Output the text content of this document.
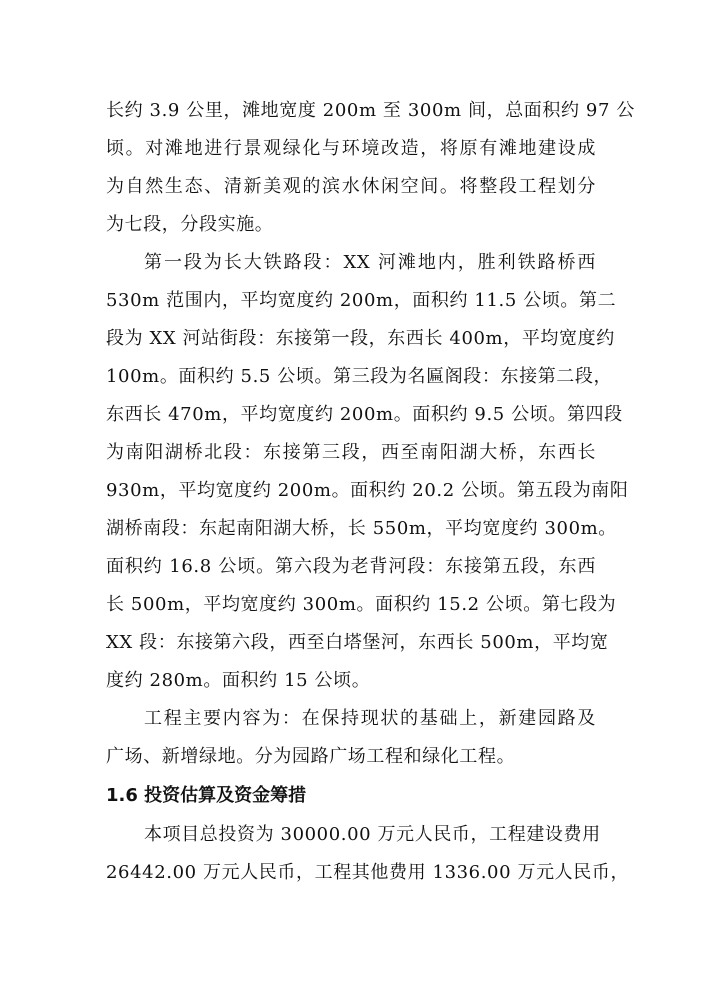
长约 3.9 公里，滩地宽度 200m 至 300m 间，总面积约 97 公
顷。对滩地进行景观绿化与环境改造，将原有滩地建设成
为自然生态、清新美观的滨水休闲空间。将整段工程划分
为七段，分段实施。
第一段为长大铁路段：XX 河滩地内，胜利铁路桥西
530m 范围内，平均宽度约 200m，面积约 11.5 公顷。第二
段为 XX 河站街段：东接第一段，东西长 400m，平均宽度约
100m。面积约 5.5 公顷。第三段为名匾阁段：东接第二段，
东西长 470m，平均宽度约 200m。面积约 9.5 公顷。第四段
为南阳湖桥北段：东接第三段，西至南阳湖大桥，东西长
930m，平均宽度约 200m。面积约 20.2 公顷。第五段为南阳
湖桥南段：东起南阳湖大桥，长 550m，平均宽度约 300m。
面积约 16.8 公顷。第六段为老背河段：东接第五段，东西
长 500m，平均宽度约 300m。面积约 15.2 公顷。第七段为
XX 段：东接第六段，西至白塔堡河，东西长 500m，平均宽
度约 280m。面积约 15 公顷。
工程主要内容为：在保持现状的基础上，新建园路及
广场、新增绿地。分为园路广场工程和绿化工程。
1.6 投资估算及资金筹措
本项目总投资为 30000.00 万元人民币，工程建设费用
26442.00 万元人民币，工程其他费用 1336.00 万元人民币，
